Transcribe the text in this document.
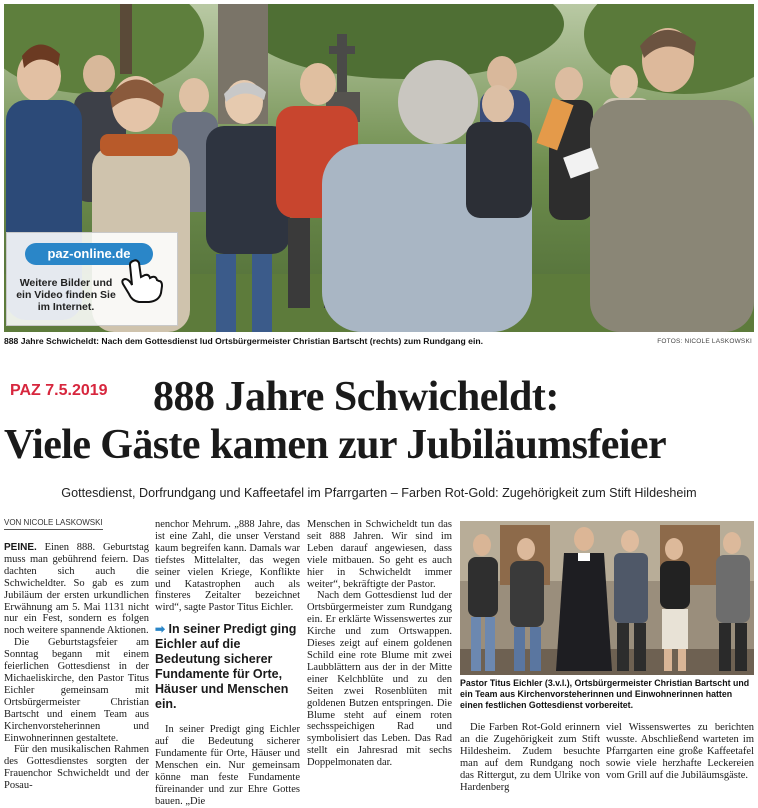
paz-online.de
Weitere Bilder und ein Video finden Sie im Internet.
888 Jahre Schwicheldt: Nach dem Gottesdienst lud Ortsbürgermeister Christian Bartscht (rechts) zum Rundgang ein.	FOTOS: NICOLE LASKOWSKI
PAZ 7.5.2019 888 Jahre Schwicheldt:
Viele Gäste kamen zur Jubiläumsfeier
Gottesdienst, Dorfrundgang und Kaffeetafel im Pfarrgarten – Farben Rot-Gold: Zugehörigkeit zum Stift Hildesheim
VON NICOLE LASKOWSKI

PEINE. Einen 888. Geburtstag muss man gebührend feiern. Das dachten sich auch die Schwicheldter. So gab es zum Jubiläum der ersten urkundlichen Erwähnung am 5. Mai 1131 nicht nur ein Fest, sondern es folgen noch weitere spannende Aktionen.

Die Geburtstagsfeier am Sonntag begann mit einem feierlichen Gottesdienst in der Michaeliskirche, den Pastor Titus Eichler gemeinsam mit Ortsbürgermeister Christian Bartscht und einem Team aus Kirchenvorsteherinnen und Einwohnerinnen gestaltete.

Für den musikalischen Rahmen des Gottesdienstes sorgten der Frauenchor Schwicheldt und der Posau-

nenchor Mehrum. „888 Jahre, das ist eine Zahl, die unser Verstand kaum begreifen kann. Damals war tiefstes Mittelalter, das wegen seiner vielen Kriege, Konflikte und Katastrophen auch als finsteres Zeitalter bezeichnet wird“, sagte Pastor Titus Eichler.

➡ In seiner Predigt ging Eichler auf die Bedeutung sicherer Fundamente für Orte, Häuser und Menschen ein.

In seiner Predigt ging Eichler auf die Bedeutung sicherer Fundamente für Orte, Häuser und Menschen ein. Nur gemeinsam könne man feste Fundamente füreinander und zur Ehre Gottes bauen. „Die

Menschen in Schwicheldt tun das seit 888 Jahren. Wir sind im Leben darauf angewiesen, dass viele mitbauen. So geht es auch hier in Schwicheldt immer weiter“, bekräftigte der Pastor.

Nach dem Gottesdienst lud der Ortsbürgermeister zum Rundgang ein. Er erklärte Wissenswertes zur Kirche und zum Ortswappen. Dieses zeigt auf einem goldenen Schild eine rote Blume mit zwei Laubblättern aus der in der Mitte einer Kelchblüte und zu den Seiten zwei Rosenblüten mit goldenen Butzen entspringen. Die Blume steht auf einem roten sechsspeichigen Rad und symbolisiert das Leben. Das Rad stellt ein Jahresrad mit sechs Doppelmonaten dar.

Pastor Titus Eichler (3.v.l.), Ortsbürgermeister Christian Bartscht und ein Team aus Kirchenvorsteherinnen und Einwohnerinnen hatten einen festlichen Gottesdienst vorbereitet.

Die Farben Rot-Gold erinnern an die Zugehörigkeit zum Stift Hildesheim. Zudem besuchte man auf dem Rundgang noch das Rittergut, zu dem Ulrike von Hardenberg

viel Wissenswertes zu berichten wusste. Abschließend warteten im Pfarrgarten eine große Kaffeetafel sowie viele herzhafte Leckereien vom Grill auf die Jubiläumsgäste.
